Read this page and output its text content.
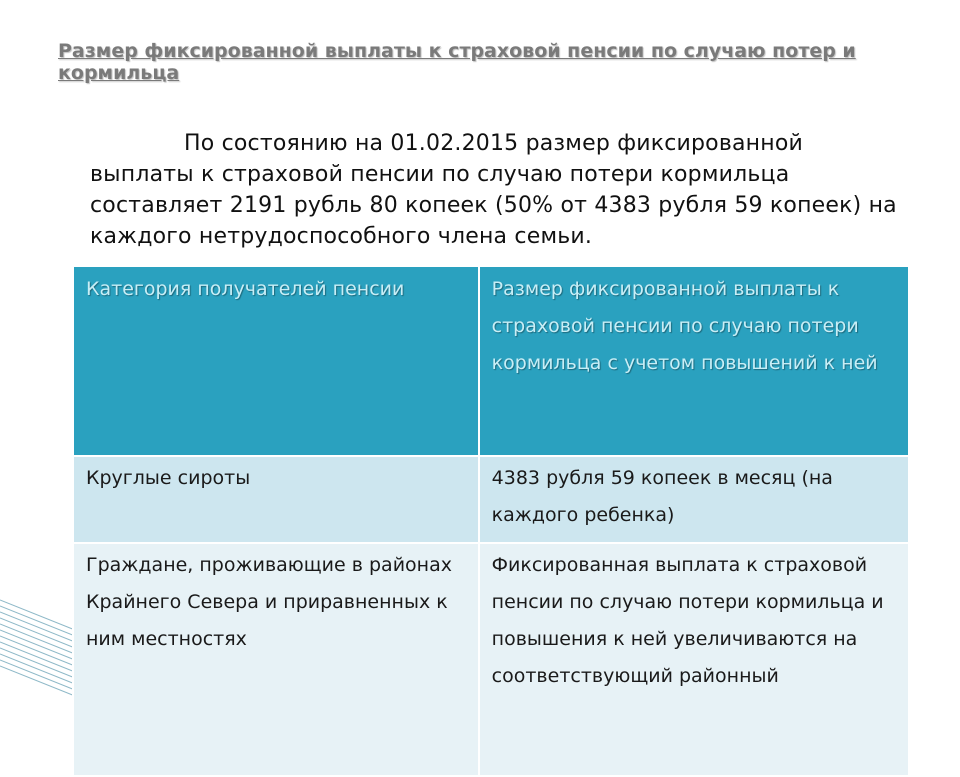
Размер фиксированной выплаты к страховой пенсии по случаю потер и кормильца
По состоянию на 01.02.2015 размер фиксированной выплаты к страховой пенсии по случаю потери кормильца составляет 2191 рубль 80 копеек (50% от 4383 рубля 59 копеек) на каждого нетрудоспособного члена семьи.
Категория получателей пенсии	Размер фиксированной выплаты к страховой пенсии по случаю потери кормильца с учетом повышений к ней
Круглые сироты	4383 рубля 59 копеек в месяц (на каждого ребенка)
Граждане, проживающие в районах Крайнего Севера и приравненных к ним местностях	Фиксированная выплата к страховой пенсии по случаю потери кормильца и повышения к ней увеличиваются на соответствующий районный
